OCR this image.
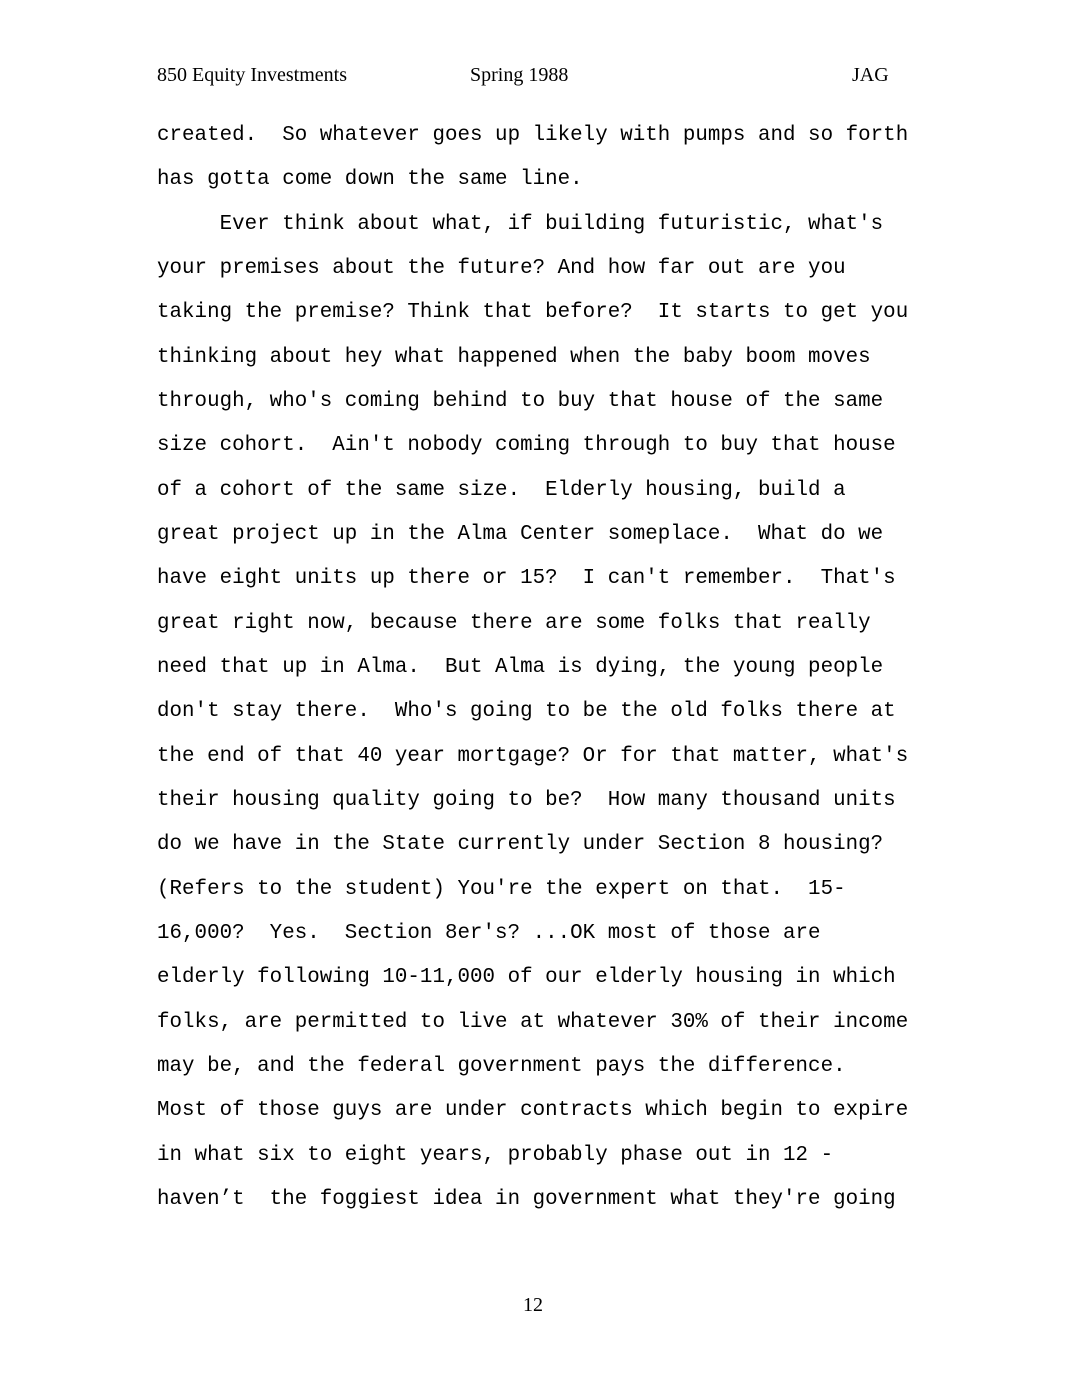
850 Equity Investments	Spring 1988	JAG
created.  So whatever goes up likely with pumps and so forth
has gotta come down the same line.
Ever think about what, if building futuristic, what's
your premises about the future? And how far out are you
taking the premise? Think that before?  It starts to get you
thinking about hey what happened when the baby boom moves
through, who's coming behind to buy that house of the same
size cohort.  Ain't nobody coming through to buy that house
of a cohort of the same size.  Elderly housing, build a
great project up in the Alma Center someplace.  What do we
have eight units up there or 15?  I can't remember.  That's
great right now, because there are some folks that really
need that up in Alma.  But Alma is dying, the young people
don't stay there.  Who's going to be the old folks there at
the end of that 40 year mortgage? Or for that matter, what's
their housing quality going to be?  How many thousand units
do we have in the State currently under Section 8 housing?
(Refers to the student) You're the expert on that.  15-
16,000?  Yes.  Section 8er's? ...OK most of those are
elderly following 10-11,000 of our elderly housing in which
folks, are permitted to live at whatever 30% of their income
may be, and the federal government pays the difference.
Most of those guys are under contracts which begin to expire
in what six to eight years, probably phase out in 12 -
haven’t  the foggiest idea in government what they're going
12
